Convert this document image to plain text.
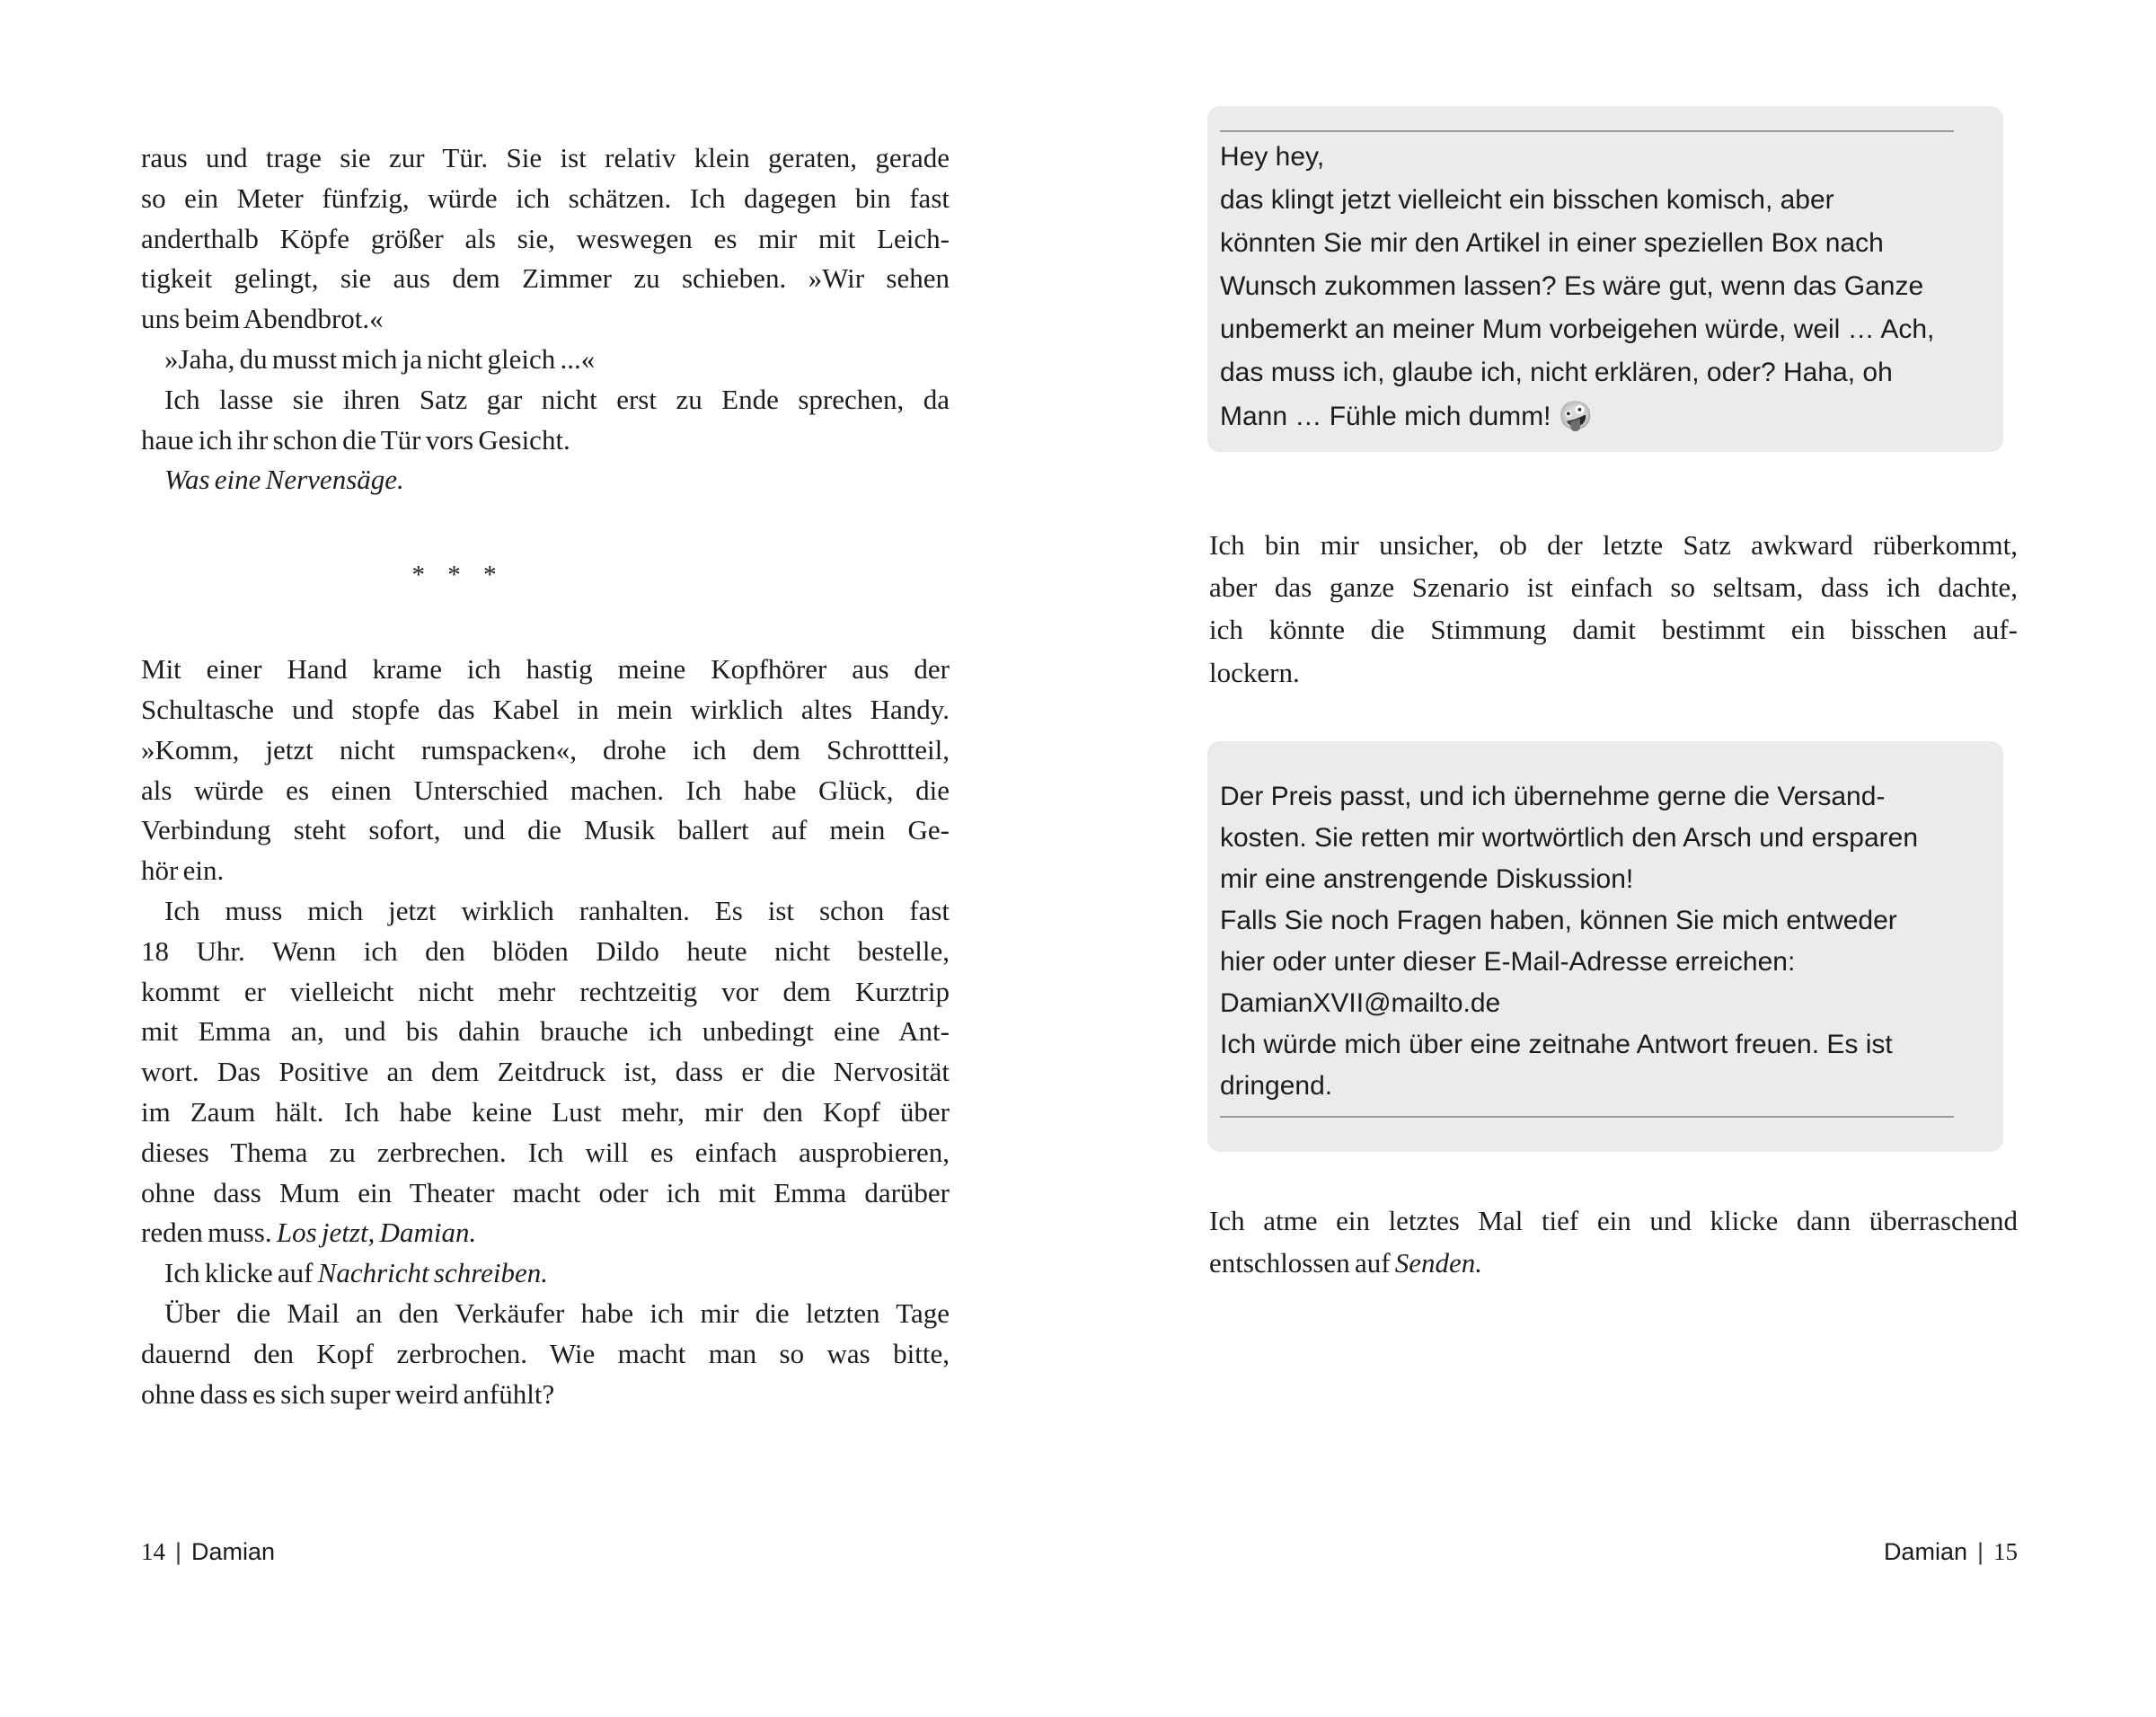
raus und trage sie zur Tür. Sie ist relativ klein geraten, gerade
so ein Meter fünfzig, würde ich schätzen. Ich dagegen bin fast
anderthalb Köpfe größer als sie, weswegen es mir mit Leich-
tigkeit gelingt, sie aus dem Zimmer zu schieben. »Wir sehen
uns beim Abendbrot.«
»Jaha, du musst mich ja nicht gleich ...«
Ich lasse sie ihren Satz gar nicht erst zu Ende sprechen, da
haue ich ihr schon die Tür vors Gesicht.
Was eine Nervensäge.
* * *
Mit einer Hand krame ich hastig meine Kopfhörer aus der
Schultasche und stopfe das Kabel in mein wirklich altes Handy.
»Komm, jetzt nicht rumspacken«, drohe ich dem Schrottteil,
als würde es einen Unterschied machen. Ich habe Glück, die
Verbindung steht sofort, und die Musik ballert auf mein Ge-
hör ein.
Ich muss mich jetzt wirklich ranhalten. Es ist schon fast
18 Uhr. Wenn ich den blöden Dildo heute nicht bestelle,
kommt er vielleicht nicht mehr rechtzeitig vor dem Kurztrip
mit Emma an, und bis dahin brauche ich unbedingt eine Ant-
wort. Das Positive an dem Zeitdruck ist, dass er die Nervosität
im Zaum hält. Ich habe keine Lust mehr, mir den Kopf über
dieses Thema zu zerbrechen. Ich will es einfach ausprobieren,
ohne dass Mum ein Theater macht oder ich mit Emma darüber
reden muss. Los jetzt, Damian.
Ich klicke auf Nachricht schreiben.
Über die Mail an den Verkäufer habe ich mir die letzten Tage
dauernd den Kopf zerbrochen. Wie macht man so was bitte,
ohne dass es sich super weird anfühlt?
14 | Damian
Hey hey,
das klingt jetzt vielleicht ein bisschen komisch, aber
könnten Sie mir den Artikel in einer speziellen Box nach
Wunsch zukommen lassen? Es wäre gut, wenn das Ganze
unbemerkt an meiner Mum vorbeigehen würde, weil … Ach,
das muss ich, glaube ich, nicht erklären, oder? Haha, oh
Mann … Fühle mich dumm! 🤪
Ich bin mir unsicher, ob der letzte Satz awkward rüberkommt,
aber das ganze Szenario ist einfach so seltsam, dass ich dachte,
ich könnte die Stimmung damit bestimmt ein bisschen auf-
lockern.
Der Preis passt, und ich übernehme gerne die Versand-
kosten. Sie retten mir wortwörtlich den Arsch und ersparen
mir eine anstrengende Diskussion!
Falls Sie noch Fragen haben, können Sie mich entweder
hier oder unter dieser E-Mail-Adresse erreichen:
DamianXVII@mailto.de
Ich würde mich über eine zeitnahe Antwort freuen. Es ist
dringend.
Ich atme ein letztes Mal tief ein und klicke dann überraschend
entschlossen auf Senden.
Damian | 15
